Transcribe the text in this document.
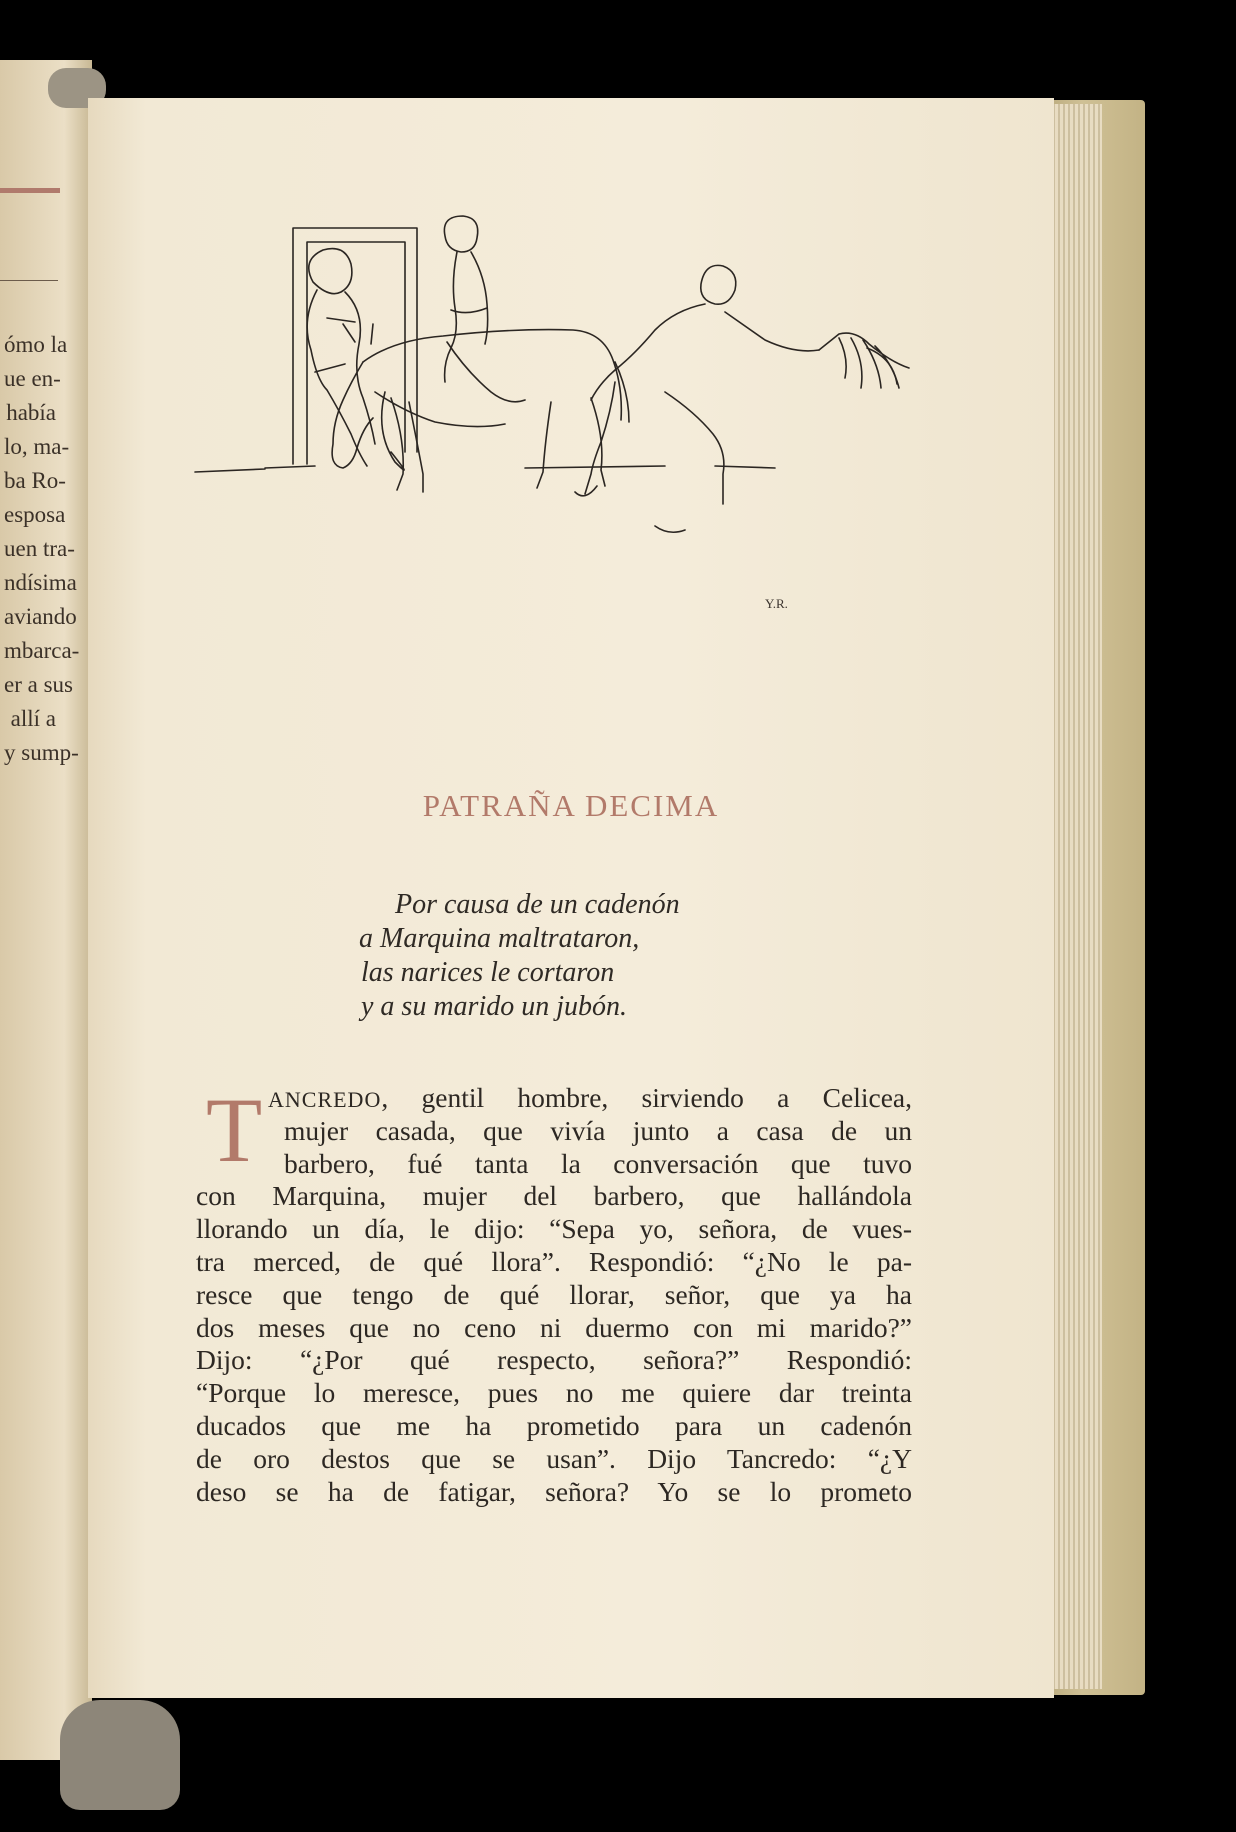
ómo la
ue en-
había
lo, ma-
ba Ro-
esposa
uen tra-
ndísima
aviando
mbarca-
er a sus
allí a
y sump-
Y.R.
PATRAÑA DECIMA
Por causa de un cadenón
a Marquina maltrataron,
las narices le cortaron
y a su marido un jubón.
T ANCREDO, gentil hombre, sirviendo a Celicea,
mujer casada, que vivía junto a casa de un
barbero, fué tanta la conversación que tuvo
con Marquina, mujer del barbero, que hallándola
llorando un día, le dijo: “Sepa yo, señora, de vues-
tra merced, de qué llora”. Respondió: “¿No le pa-
resce que tengo de qué llorar, señor, que ya ha
dos meses que no ceno ni duermo con mi marido?”
Dijo: “¿Por qué respecto, señora?” Respondió:
“Porque lo meresce, pues no me quiere dar treinta
ducados que me ha prometido para un cadenón
de oro destos que se usan”. Dijo Tancredo: “¿Y
deso se ha de fatigar, señora? Yo se lo prometo
